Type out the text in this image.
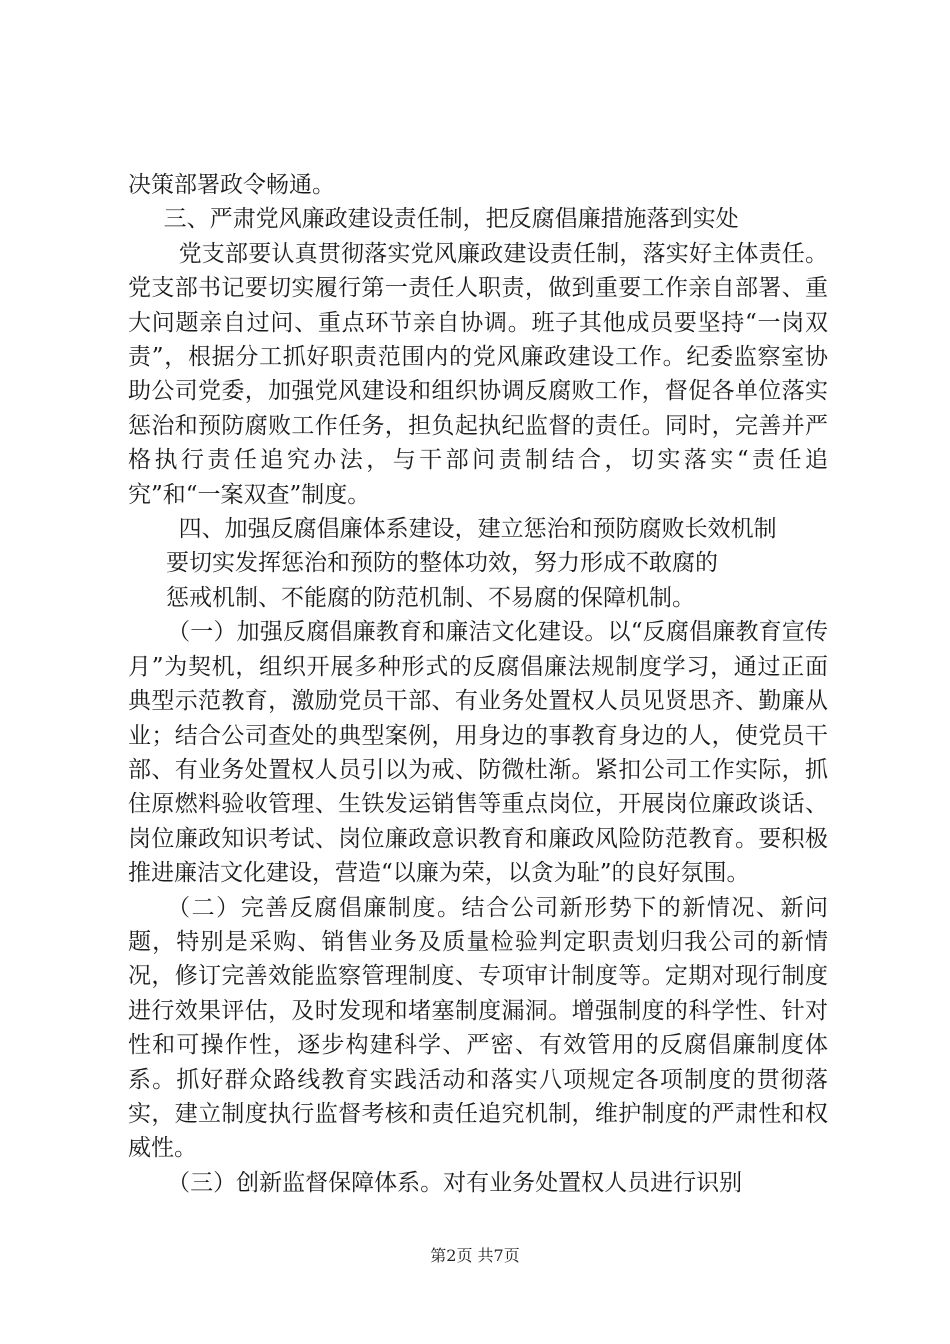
决策部署政令畅通。

三、严肃党风廉政建设责任制，把反腐倡廉措施落到实处

党支部要认真贯彻落实党风廉政建设责任制，落实好主体责任。党支部书记要切实履行第一责任人职责，做到重要工作亲自部署、重大问题亲自过问、重点环节亲自协调。班子其他成员要坚持“一岗双责”，根据分工抓好职责范围内的党风廉政建设工作。纪委监察室协助公司党委，加强党风建设和组织协调反腐败工作，督促各单位落实惩治和预防腐败工作任务，担负起执纪监督的责任。同时，完善并严格执行责任追究办法，与干部问责制结合，切实落实“责任追究”和“一案双查”制度。

四、加强反腐倡廉体系建设，建立惩治和预防腐败长效机制

要切实发挥惩治和预防的整体功效，努力形成不敢腐的

惩戒机制、不能腐的防范机制、不易腐的保障机制。

（一）加强反腐倡廉教育和廉洁文化建设。以“反腐倡廉教育宣传月”为契机，组织开展多种形式的反腐倡廉法规制度学习，通过正面典型示范教育，激励党员干部、有业务处置权人员见贤思齐、勤廉从业；结合公司查处的典型案例，用身边的事教育身边的人，使党员干部、有业务处置权人员引以为戒、防微杜渐。紧扣公司工作实际，抓住原燃料验收管理、生铁发运销售等重点岗位，开展岗位廉政谈话、岗位廉政知识考试、岗位廉政意识教育和廉政风险防范教育。要积极推进廉洁文化建设，营造“以廉为荣，以贪为耻”的良好氛围。

（二）完善反腐倡廉制度。结合公司新形势下的新情况、新问题，特别是采购、销售业务及质量检验判定职责划归我公司的新情况，修订完善效能监察管理制度、专项审计制度等。定期对现行制度进行效果评估，及时发现和堵塞制度漏洞。增强制度的科学性、针对性和可操作性，逐步构建科学、严密、有效管用的反腐倡廉制度体系。抓好群众路线教育实践活动和落实八项规定各项制度的贯彻落实，建立制度执行监督考核和责任追究机制，维护制度的严肃性和权威性。

（三）创新监督保障体系。对有业务处置权人员进行识别

第2页 共7页
